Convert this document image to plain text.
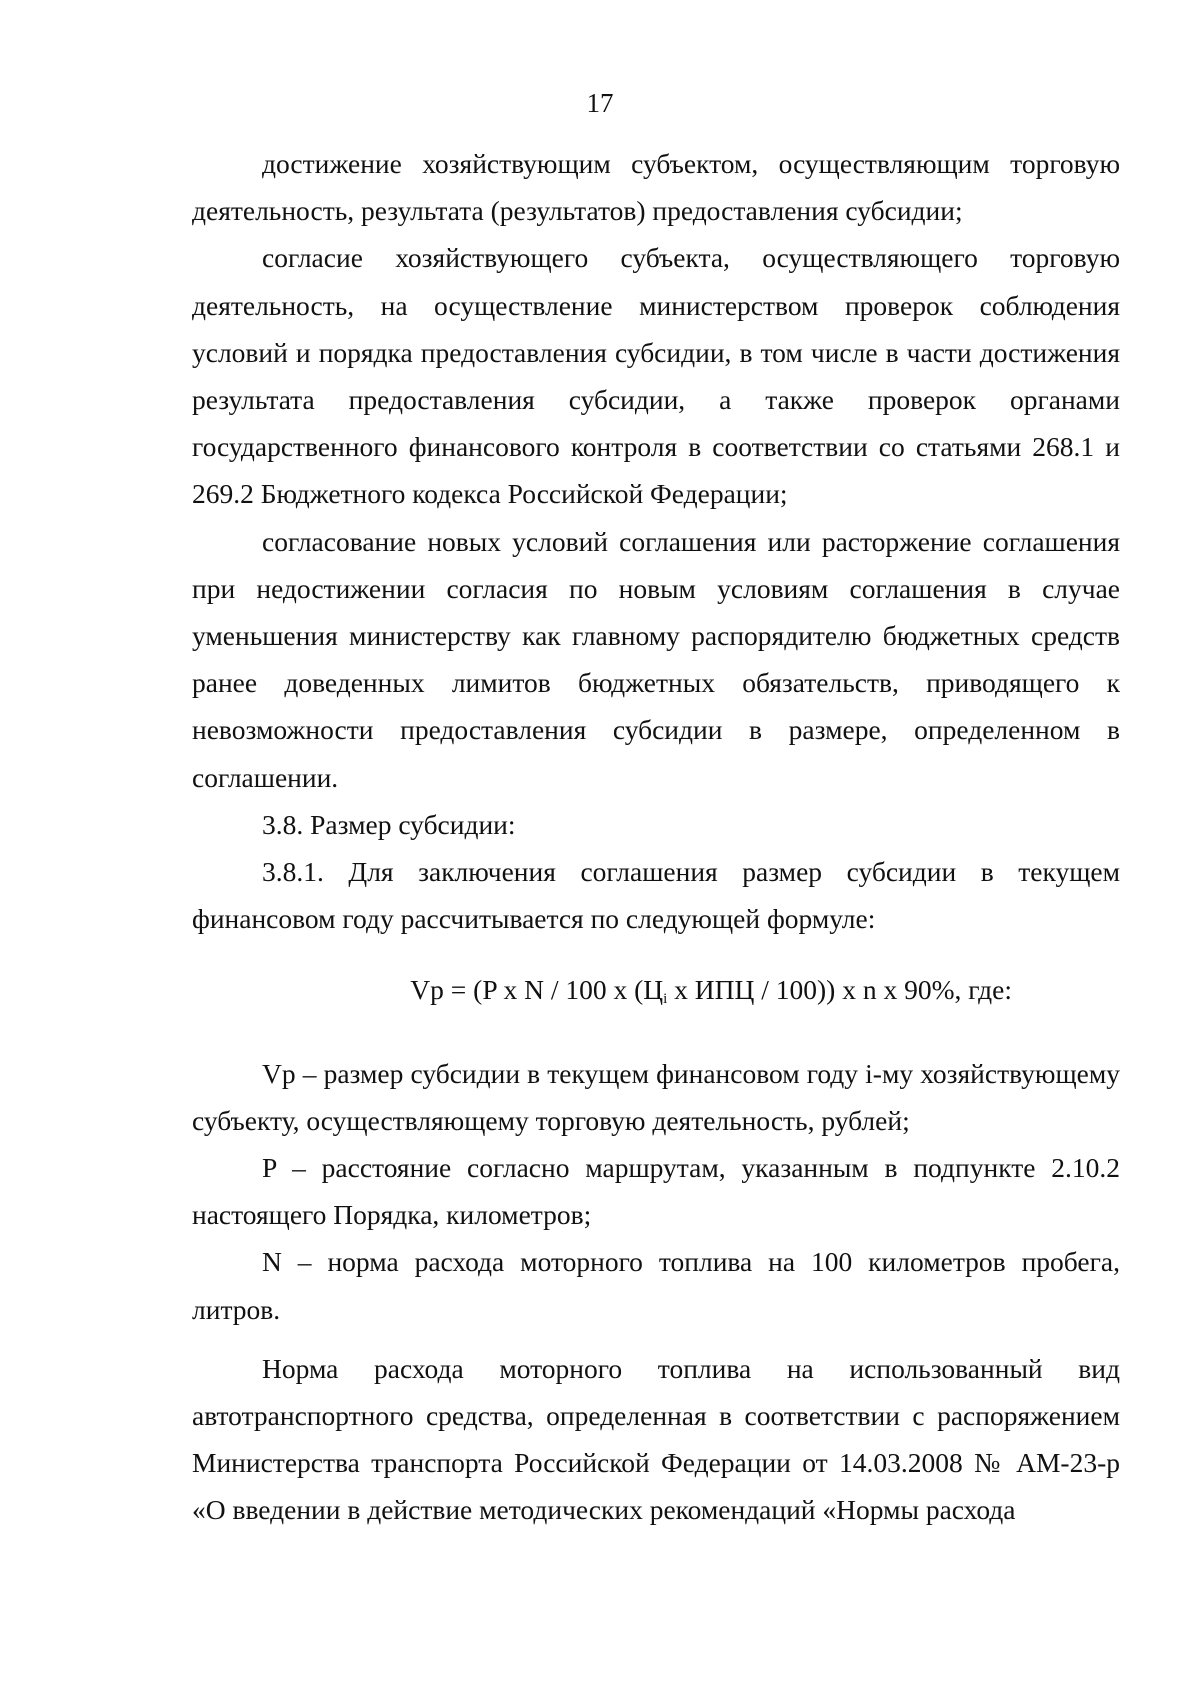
17

достижение хозяйствующим субъектом, осуществляющим торговую деятельность, результата (результатов) предоставления субсидии;

согласие хозяйствующего субъекта, осуществляющего торговую деятельность, на осуществление министерством проверок соблюдения условий и порядка предоставления субсидии, в том числе в части достижения результата предоставления субсидии, а также проверок органами государственного финансового контроля в соответствии со статьями 268.1 и 269.2 Бюджетного кодекса Российской Федерации;

согласование новых условий соглашения или расторжение соглашения при недостижении согласия по новым условиям соглашения в случае уменьшения министерству как главному распорядителю бюджетных средств ранее доведенных лимитов бюджетных обязательств, приводящего к невозможности предоставления субсидии в размере, определенном в соглашении.

3.8. Размер субсидии:

3.8.1. Для заключения соглашения размер субсидии в текущем финансовом году рассчитывается по следующей формуле:

Vp = (P x N / 100 x ($Ц_i$ x ИПЦ / 100)) x n x 90%, где:

Vp – размер субсидии в текущем финансовом году i-му хозяйствующему субъекту, осуществляющему торговую деятельность, рублей;

P – расстояние согласно маршрутам, указанным в подпункте 2.10.2 настоящего Порядка, километров;

N – норма расхода моторного топлива на 100 километров пробега, литров.

Норма расхода моторного топлива на использованный вид автотранспортного средства, определенная в соответствии с распоряжением Министерства транспорта Российской Федерации от 14.03.2008 № АМ-23-р «О введении в действие методических рекомендаций «Нормы расхода
